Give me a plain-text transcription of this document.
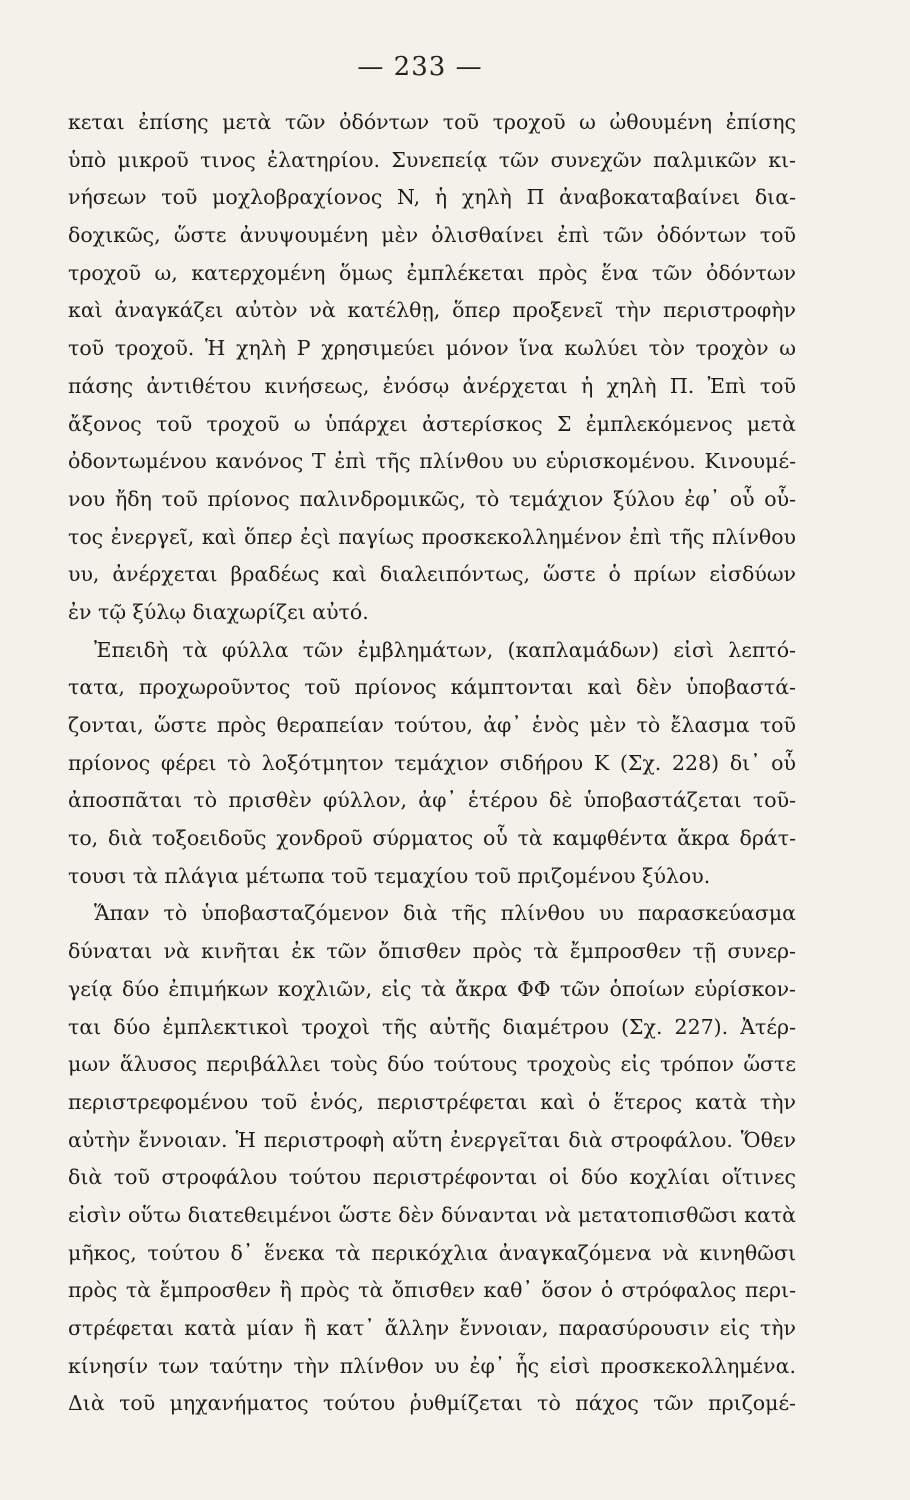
— 233 —
κεται ἐπίσης μετὰ τῶν ὀδόντων τοῦ τροχοῦ ω ὠθουμένη ἐπίσης
ὑπὸ μικροῦ τινος ἐλατηρίου. Συνεπείᾳ τῶν συνεχῶν παλμικῶν κι-
νήσεων τοῦ μοχλοβραχίονος N, ἡ χηλὴ Π ἀναβοκαταβαίνει δια-
δοχικῶς, ὥστε ἀνυψουμένη μὲν ὀλισθαίνει ἐπὶ τῶν ὀδόντων τοῦ
τροχοῦ ω, κατερχομένη ὅμως ἐμπλέκεται πρὸς ἕνα τῶν ὀδόντων
καὶ ἀναγκάζει αὐτὸν νὰ κατέλθῃ, ὅπερ προξενεῖ τὴν περιστροφὴν
τοῦ τροχοῦ. Ἡ χηλὴ Ρ χρησιμεύει μόνον ἵνα κωλύει τὸν τροχὸν ω
πάσης ἀντιθέτου κινήσεως, ἐνόσῳ ἀνέρχεται ἡ χηλὴ Π. Ἐπὶ τοῦ
ἄξονος τοῦ τροχοῦ ω ὑπάρχει ἀστερίσκος Σ ἐμπλεκόμενος μετὰ
ὀδοντωμένου κανόνος Τ ἐπὶ τῆς πλίνθου υυ εὑρισκομένου. Κινουμέ-
νου ἤδη τοῦ πρίονος παλινδρομικῶς, τὸ τεμάχιον ξύλου ἐφ᾽ οὗ οὗ-
τος ἐνεργεῖ, καὶ ὅπερ ἐςὶ παγίως προσκεκολλημένον ἐπὶ τῆς πλίνθου
υυ, ἀνέρχεται βραδέως καὶ διαλειπόντως, ὥστε ὁ πρίων εἰσδύων
ἐν τῷ ξύλῳ διαχωρίζει αὐτό.
Ἐπειδὴ τὰ φύλλα τῶν ἐμβλημάτων, (καπλαμάδων) εἰσὶ λεπτό-
τατα, προχωροῦντος τοῦ πρίονος κάμπτονται καὶ δὲν ὑποβαστά-
ζονται, ὥστε πρὸς θεραπείαν τούτου, ἀφ᾽ ἑνὸς μὲν τὸ ἔλασμα τοῦ
πρίονος φέρει τὸ λοξότμητον τεμάχιον σιδήρου Κ (Σχ. 228) δι᾽ οὗ
ἀποσπᾶται τὸ πρισθὲν φύλλον, ἀφ᾽ ἑτέρου δὲ ὑποβαστάζεται τοῦ-
το, διὰ τοξοειδοῦς χονδροῦ σύρματος οὗ τὰ καμφθέντα ἄκρα δράτ-
τουσι τὰ πλάγια μέτωπα τοῦ τεμαχίου τοῦ πριζομένου ξύλου.
Ἅπαν τὸ ὑποβασταζόμενον διὰ τῆς πλίνθου υυ παρασκεύασμα
δύναται νὰ κινῆται ἐκ τῶν ὄπισθεν πρὸς τὰ ἔμπροσθεν τῇ συνερ-
γείᾳ δύο ἐπιμήκων κοχλιῶν, εἰς τὰ ἄκρα ΦΦ τῶν ὁποίων εὑρίσκον-
ται δύο ἐμπλεκτικοὶ τροχοὶ τῆς αὐτῆς διαμέτρου (Σχ. 227). Ἀτέρ-
μων ἅλυσος περιβάλλει τοὺς δύο τούτους τροχοὺς εἰς τρόπον ὥστε
περιστρεφομένου τοῦ ἑνός, περιστρέφεται καὶ ὁ ἕτερος κατὰ τὴν
αὐτὴν ἔννοιαν. Ἡ περιστροφὴ αὕτη ἐνεργεῖται διὰ στροφάλου. Ὅθεν
διὰ τοῦ στροφάλου τούτου περιστρέφονται οἱ δύο κοχλίαι οἵτινες
εἰσὶν οὕτω διατεθειμένοι ὥστε δὲν δύνανται νὰ μετατοπισθῶσι κατὰ
μῆκος, τούτου δ᾽ ἕνεκα τὰ περικόχλια ἀναγκαζόμενα νὰ κινηθῶσι
πρὸς τὰ ἔμπροσθεν ἢ πρὸς τὰ ὄπισθεν καθ᾽ ὅσον ὁ στρόφαλος περι-
στρέφεται κατὰ μίαν ἢ κατ᾽ ἄλλην ἔννοιαν, παρασύρουσιν εἰς τὴν
κίνησίν των ταύτην τὴν πλίνθον υυ ἐφ᾽ ἧς εἰσὶ προσκεκολλημένα.
Διὰ τοῦ μηχανήματος τούτου ῥυθμίζεται τὸ πάχος τῶν πριζομέ-
